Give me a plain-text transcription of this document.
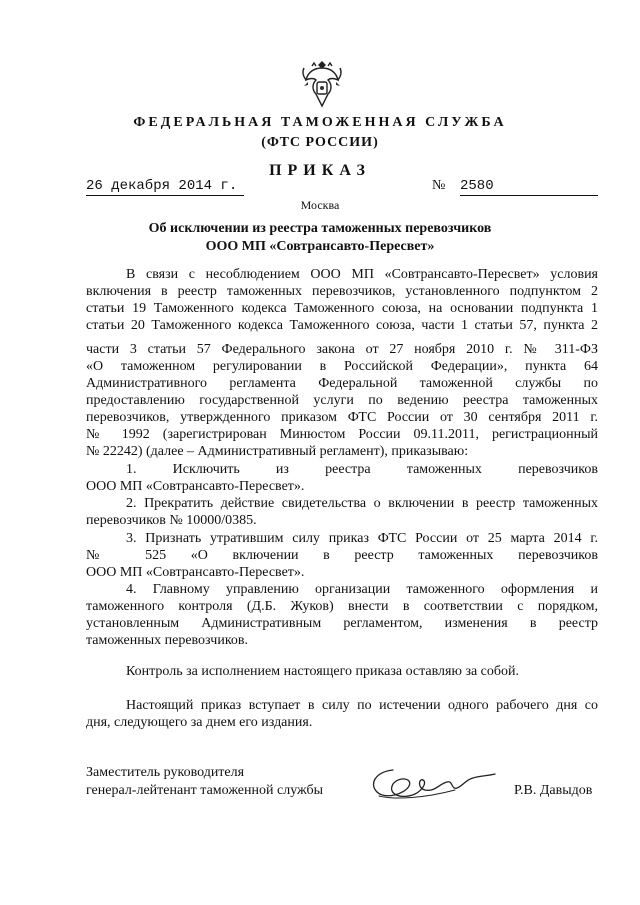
ФЕДЕРАЛЬНАЯ ТАМОЖЕННАЯ СЛУЖБА
(ФТС РОССИИ)
ПРИКАЗ
26 декабря 2014 г.	№ 2580
Москва
Об исключении из реестра таможенных перевозчиков
ООО МП «Совтрансавто-Пересвет»
В связи с несоблюдением ООО МП «Совтрансавто-Пересвет» условия
включения в реестр таможенных перевозчиков, установленного подпунктом 2
статьи 19 Таможенного кодекса Таможенного союза, на основании подпункта 1
статьи 20 Таможенного кодекса Таможенного союза, части 1 статьи 57, пункта 2
части 3 статьи 57 Федерального закона от 27 ноября 2010 г. № 311-ФЗ
«О таможенном регулировании в Российской Федерации», пункта 64
Административного регламента Федеральной таможенной службы по
предоставлению государственной услуги по ведению реестра таможенных
перевозчиков, утвержденного приказом ФТС России от 30 сентября 2011 г.
№ 1992 (зарегистрирован Минюстом России 09.11.2011, регистрационный
№ 22242) (далее – Административный регламент), приказываю:
1. Исключить из реестра таможенных перевозчиков
ООО МП «Совтрансавто-Пересвет».
2. Прекратить действие свидетельства о включении в реестр таможенных
перевозчиков № 10000/0385.
3. Признать утратившим силу приказ ФТС России от 25 марта 2014 г.
№ 525 «О включении в реестр таможенных перевозчиков
ООО МП «Совтрансавто-Пересвет».
4. Главному управлению организации таможенного оформления и
таможенного контроля (Д.Б. Жуков) внести в соответствии с порядком,
установленным Административным регламентом, изменения в реестр
таможенных перевозчиков.
Контроль за исполнением настоящего приказа оставляю за собой.
Настоящий приказ вступает в силу по истечении одного рабочего дня со
дня, следующего за днем его издания.
Заместитель руководителя
генерал-лейтенант таможенной службы	Р.В. Давыдов
